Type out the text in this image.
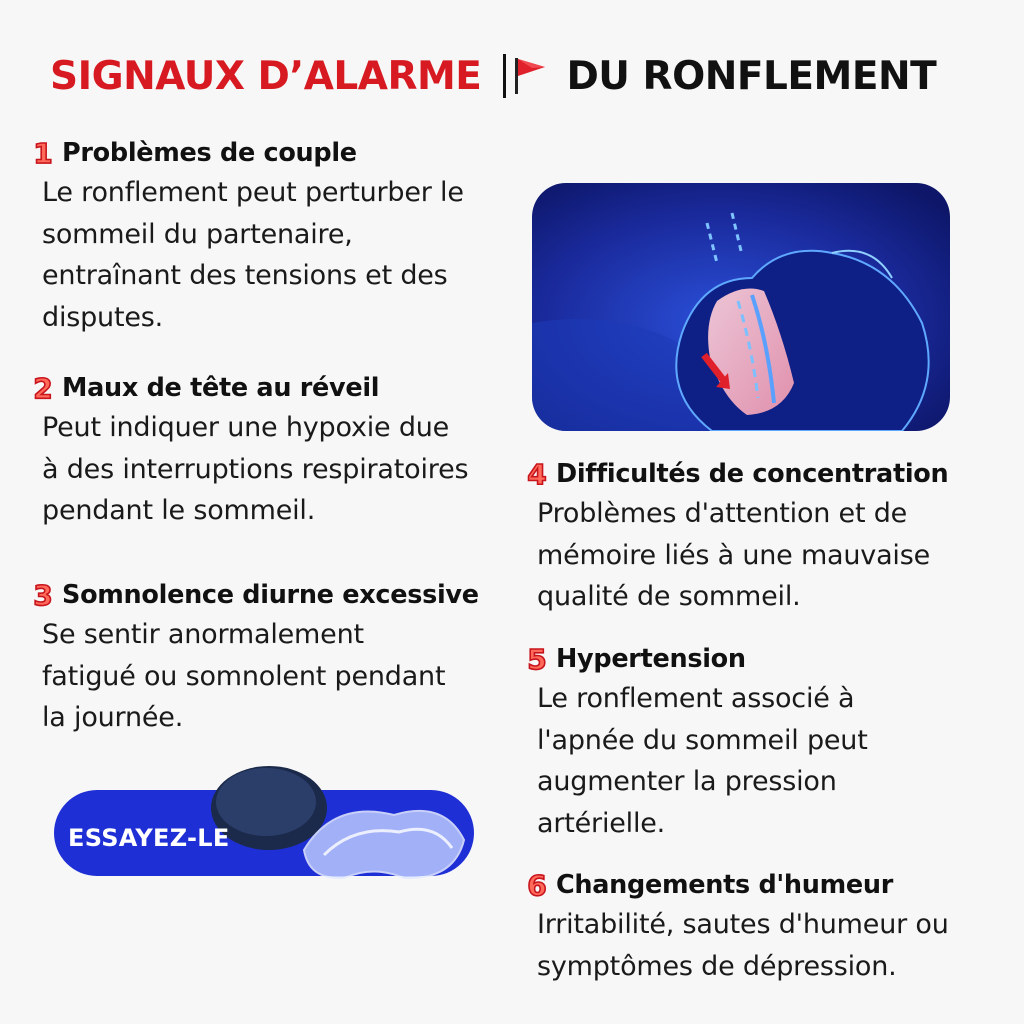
SIGNAUX D’ALARME DU RONFLEMENT
1 Problèmes de couple
Le ronflement peut perturber le
sommeil du partenaire,
entraînant des tensions et des
disputes.
2 Maux de tête au réveil
Peut indiquer une hypoxie due
à des interruptions respiratoires
pendant le sommeil.
3 Somnolence diurne excessive
Se sentir anormalement
fatigué ou somnolent pendant
la journée.
4 Difficultés de concentration
Problèmes d'attention et de
mémoire liés à une mauvaise
qualité de sommeil.
5 Hypertension
Le ronflement associé à
l'apnée du sommeil peut
augmenter la pression
artérielle.
6 Changements d'humeur
Irritabilité, sautes d'humeur ou
symptômes de dépression.
ESSAYEZ-LE
